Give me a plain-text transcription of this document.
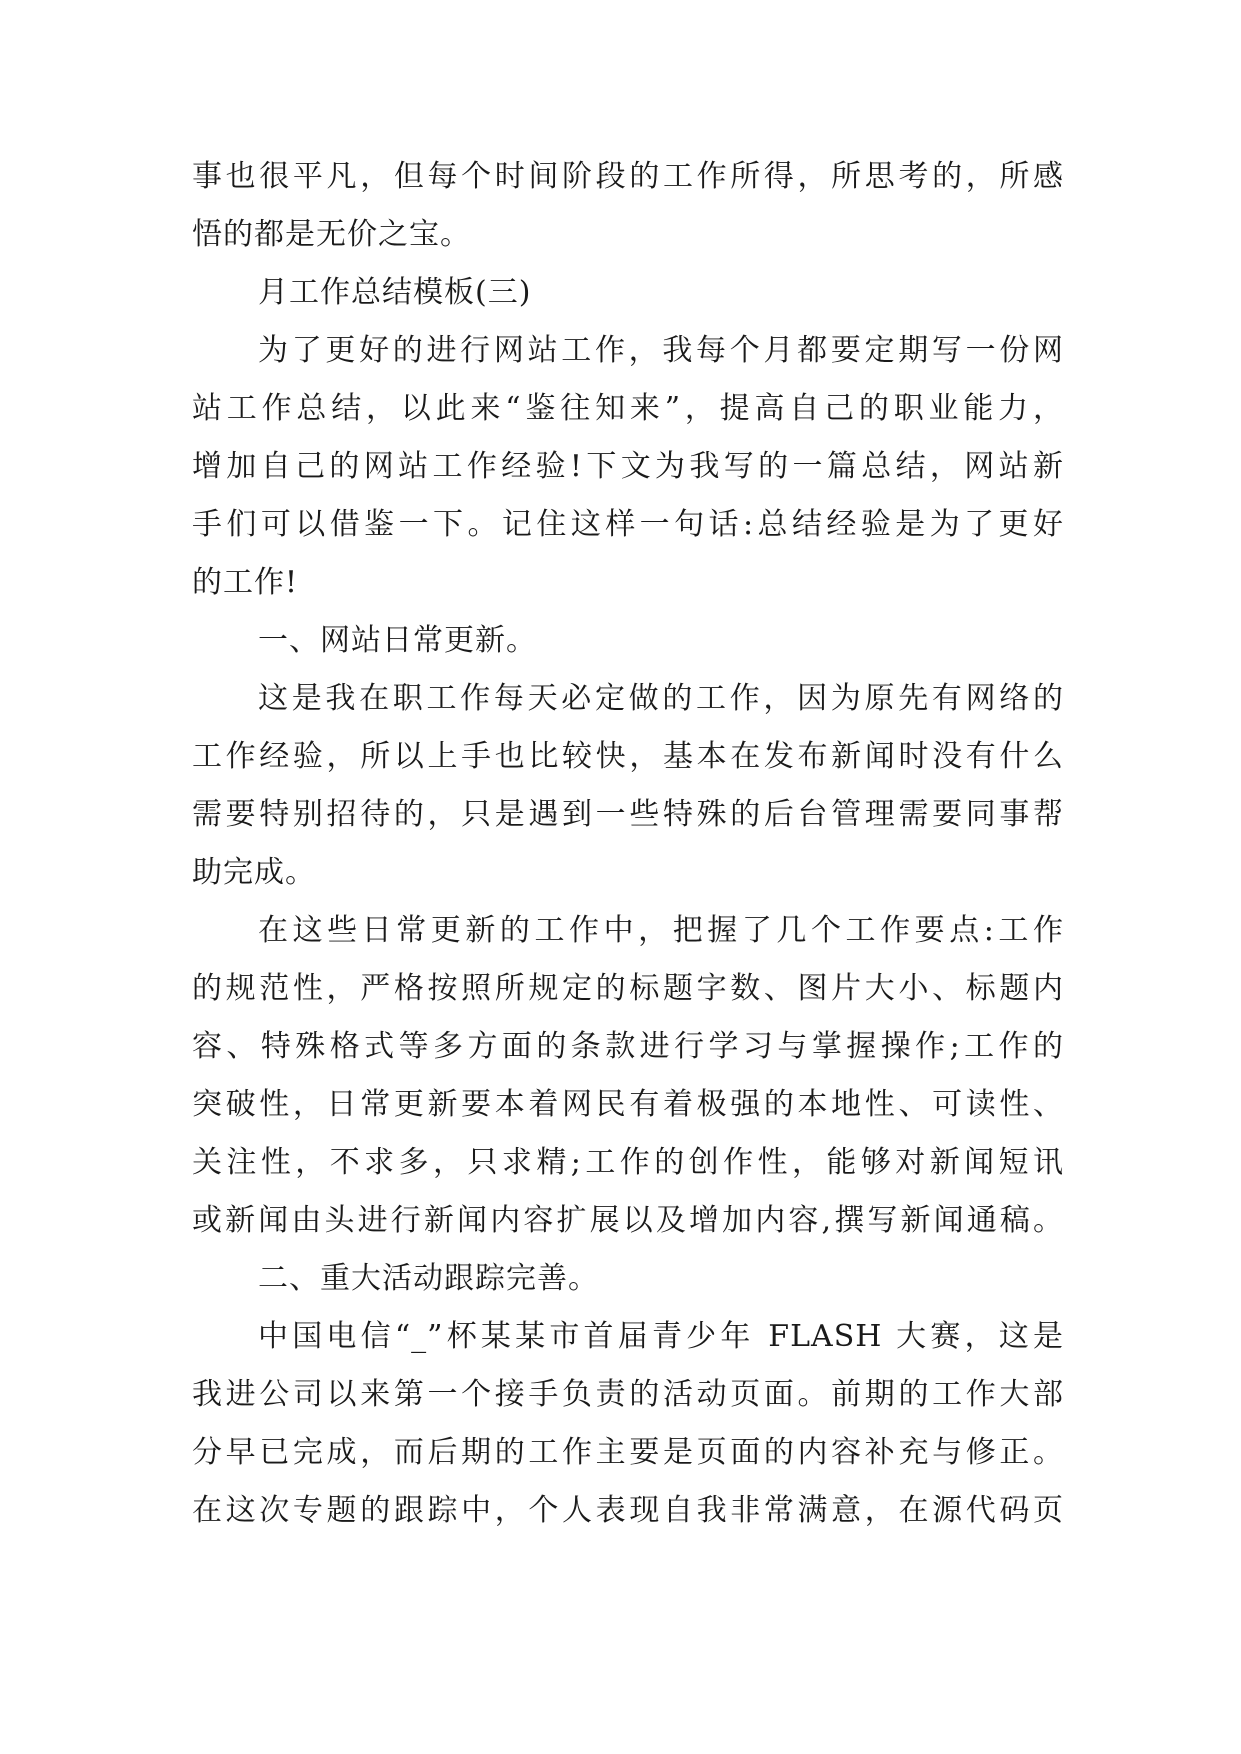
事也很平凡，但每个时间阶段的工作所得，所思考的，所感
悟的都是无价之宝。
月工作总结模板(三)
为了更好的进行网站工作，我每个月都要定期写一份网
站工作总结，以此来“鉴往知来”，提高自己的职业能力，
增加自己的网站工作经验!下文为我写的一篇总结，网站新
手们可以借鉴一下。记住这样一句话:总结经验是为了更好
的工作!
一、网站日常更新。
这是我在职工作每天必定做的工作，因为原先有网络的
工作经验，所以上手也比较快，基本在发布新闻时没有什么
需要特别招待的，只是遇到一些特殊的后台管理需要同事帮
助完成。
在这些日常更新的工作中，把握了几个工作要点:工作
的规范性，严格按照所规定的标题字数、图片大小、标题内
容、特殊格式等多方面的条款进行学习与掌握操作;工作的
突破性，日常更新要本着网民有着极强的本地性、可读性、
关注性，不求多，只求精;工作的创作性，能够对新闻短讯
或新闻由头进行新闻内容扩展以及增加内容,撰写新闻通稿。
二、重大活动跟踪完善。
中国电信“_”杯某某市首届青少年 FLASH 大赛，这是
我进公司以来第一个接手负责的活动页面。前期的工作大部
分早已完成，而后期的工作主要是页面的内容补充与修正。
在这次专题的跟踪中，个人表现自我非常满意，在源代码页
